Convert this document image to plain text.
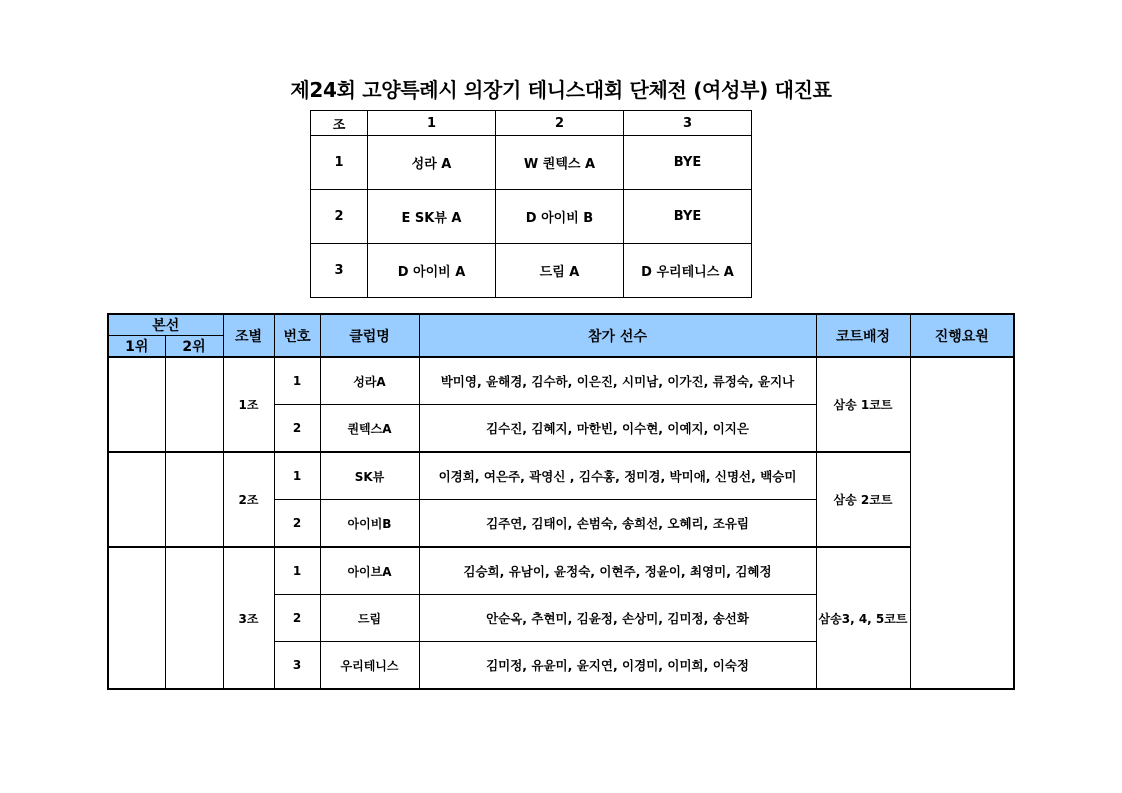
제24회 고양특례시 의장기 테니스대회 단체전 (여성부) 대진표
조	1	2	3
1	성라 A	W 퀀텍스 A	BYE
2	E SK뷰 A	D 아이비 B	BYE
3	D 아이비 A	드림 A	D 우리테니스 A
본선		조별	번호	클럽명	참가 선수	코트배정	진행요원
1위	2위						
		1조	1	성라A	박미영, 윤해경, 김수하, 이은진, 시미남, 이가진, 류정숙, 윤지나	삼송 1코트	
			2	퀀텍스A	김수진, 김혜지, 마한빈, 이수현, 이예지, 이지은		
		2조	1	SK뷰	이경희, 여은주, 곽영신 , 김수홍, 정미경, 박미애, 신명선, 백승미	삼송 2코트	
			2	아이비B	김주연, 김태이, 손범숙, 송희선, 오혜리, 조유림		
		3조	1	아이브A	김승희, 유남이, 윤정숙, 이현주, 정윤이, 최영미, 김혜정	삼송3, 4, 5코트	
			2	드림	안순옥, 추현미, 김윤정, 손상미, 김미정, 송선화		
			3	우리테니스	김미정, 유윤미, 윤지연, 이경미, 이미희, 이숙정		
